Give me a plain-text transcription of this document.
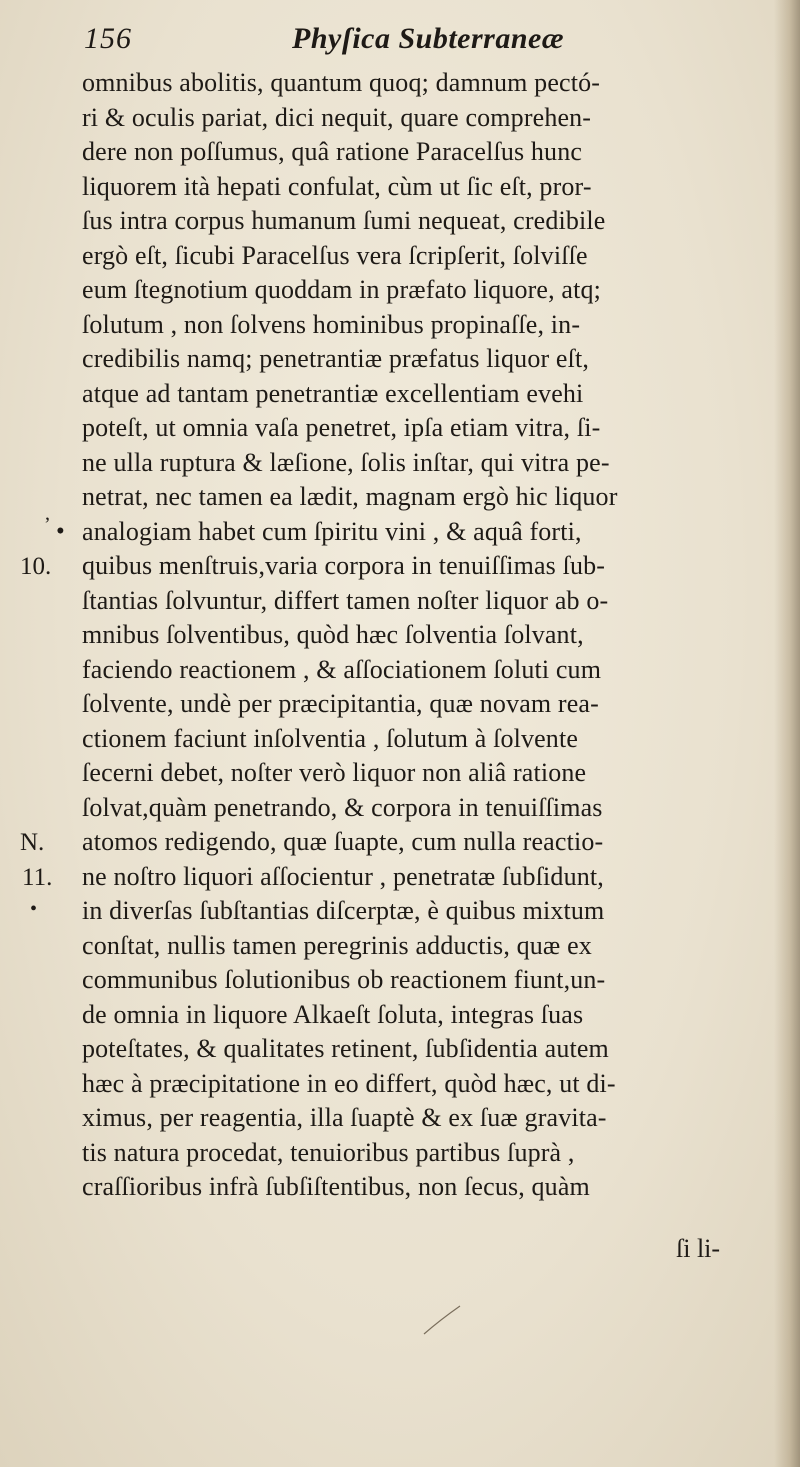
156	Phyſica Subterraneæ
ʼ •
10.
N.
11.
•
omnibus abolitis, quantum quoq; damnum pectó-
ri & oculis pariat, dici nequit, quare comprehen-
dere non poſſumus, quâ ratione Paracelſus hunc
liquorem ità hepati confulat, cùm ut ſic eſt, pror-
ſus intra corpus humanum ſumi nequeat, credibile
ergò eſt, ſicubi Paracelſus vera ſcripſerit, ſolviſſe
eum ſtegnotium quoddam in præfato liquore, atq;
ſolutum , non ſolvens hominibus propinaſſe, in-
credibilis namq; penetrantiæ præfatus liquor eſt,
atque ad tantam penetrantiæ excellentiam evehi
poteſt, ut omnia vaſa penetret, ipſa etiam vitra, ſi-
ne ulla ruptura & læſione, ſolis inſtar, qui vitra pe-
netrat, nec tamen ea lædit, magnam ergò hic liquor
analogiam habet cum ſpiritu vini , & aquâ forti,
quibus menſtruis,varia corpora in tenuiſſimas ſub-
ſtantias ſolvuntur, differt tamen noſter liquor ab o-
mnibus ſolventibus, quòd hæc ſolventia ſolvant,
faciendo reactionem , & aſſociationem ſoluti cum
ſolvente, undè per præcipitantia, quæ novam rea-
ctionem faciunt inſolventia , ſolutum à ſolvente
ſecerni debet, noſter verò liquor non aliâ ratione
ſolvat,quàm penetrando, & corpora in tenuiſſimas
atomos redigendo, quæ ſuapte, cum nulla reactio-
ne noſtro liquori aſſocientur , penetratæ ſubſidunt,
in diverſas ſubſtantias diſcerptæ, è quibus mixtum
conſtat, nullis tamen peregrinis adductis, quæ ex
communibus ſolutionibus ob reactionem fiunt,un-
de omnia in liquore Alkaeſt ſoluta, integras ſuas
poteſtates, & qualitates retinent, ſubſidentia autem
hæc à præcipitatione in eo differt, quòd hæc, ut di-
ximus, per reagentia, illa ſuaptè & ex ſuæ gravita-
tis natura procedat, tenuioribus partibus ſuprà ,
craſſioribus infrà ſubſiſtentibus, non ſecus, quàm
ſi li-
